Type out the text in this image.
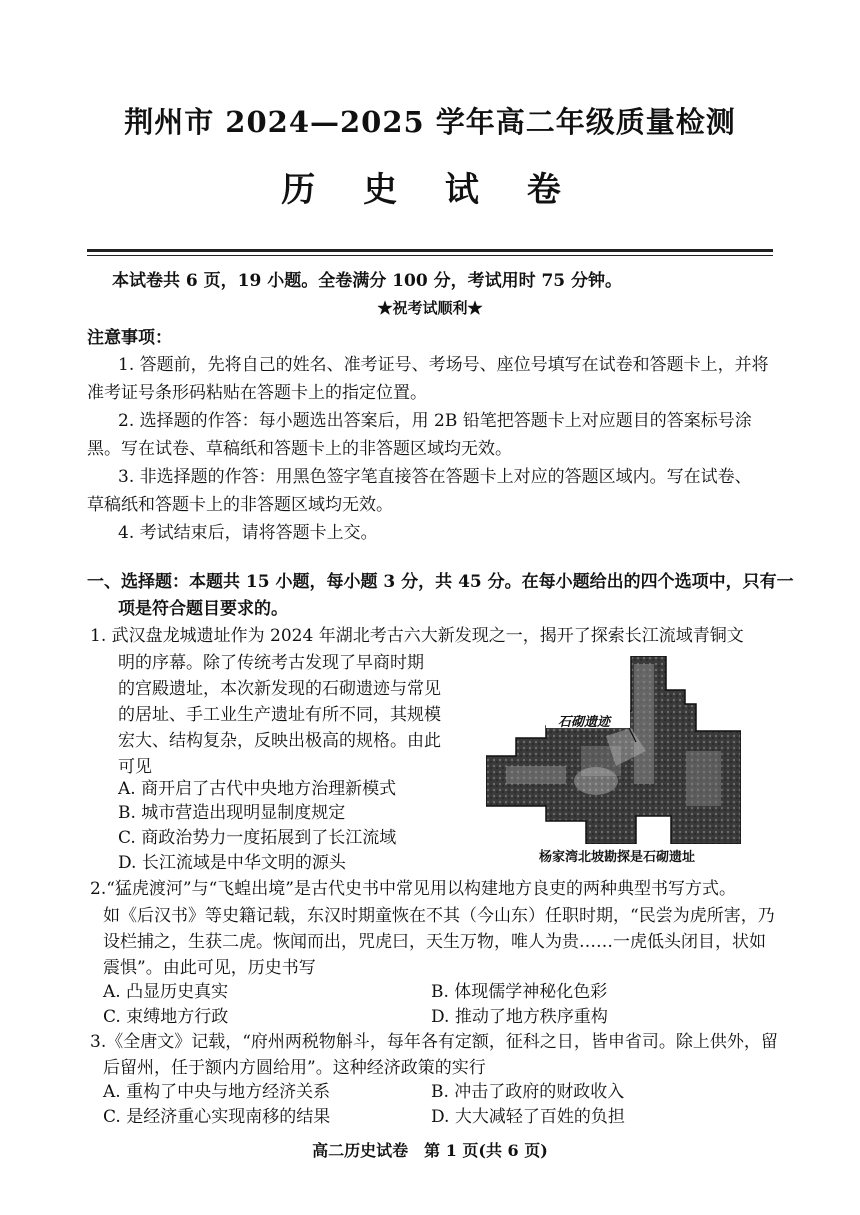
荆州市 2024—2025 学年高二年级质量检测
历 史 试 卷
本试卷共 6 页，19 小题。全卷满分 100 分，考试用时 75 分钟。
★祝考试顺利★
注意事项：
1. 答题前，先将自己的姓名、准考证号、考场号、座位号填写在试卷和答题卡上，并将
准考证号条形码粘贴在答题卡上的指定位置。
2. 选择题的作答：每小题选出答案后，用 2B 铅笔把答题卡上对应题目的答案标号涂
黑。写在试卷、草稿纸和答题卡上的非答题区域均无效。
3. 非选择题的作答：用黑色签字笔直接答在答题卡上对应的答题区域内。写在试卷、
草稿纸和答题卡上的非答题区域均无效。
4. 考试结束后，请将答题卡上交。
一、选择题：本题共 15 小题，每小题 3 分，共 45 分。在每小题给出的四个选项中，只有一
项是符合题目要求的。
1. 武汉盘龙城遗址作为 2024 年湖北考古六大新发现之一，揭开了探索长江流域青铜文
明的序幕。除了传统考古发现了早商时期
的宫殿遗址，本次新发现的石砌遗迹与常见
的居址、手工业生产遗址有所不同，其规模
宏大、结构复杂，反映出极高的规格。由此
可见
A. 商开启了古代中央地方治理新模式
B. 城市营造出现明显制度规定
C. 商政治势力一度拓展到了长江流域
D. 长江流域是中华文明的源头
石砌遗迹
杨家湾北坡勘探是石砌遗址
2.“猛虎渡河”与“飞蝗出境”是古代史书中常见用以构建地方良吏的两种典型书写方式。
如《后汉书》等史籍记载，东汉时期童恢在不其（今山东）任职时期，“民尝为虎所害，乃
设栏捕之，生获二虎。恢闻而出，咒虎曰，天生万物，唯人为贵……一虎低头闭目，状如
震惧”。由此可见，历史书写
A. 凸显历史真实	B. 体现儒学神秘化色彩
C. 束缚地方行政	D. 推动了地方秩序重构
3.《全唐文》记载，“府州两税物斛斗，每年各有定额，征科之日，皆申省司。除上供外，留
后留州，任于额内方圆给用”。这种经济政策的实行
A. 重构了中央与地方经济关系	B. 冲击了政府的财政收入
C. 是经济重心实现南移的结果	D. 大大减轻了百姓的负担
高二历史试卷　第 1 页(共 6 页)
